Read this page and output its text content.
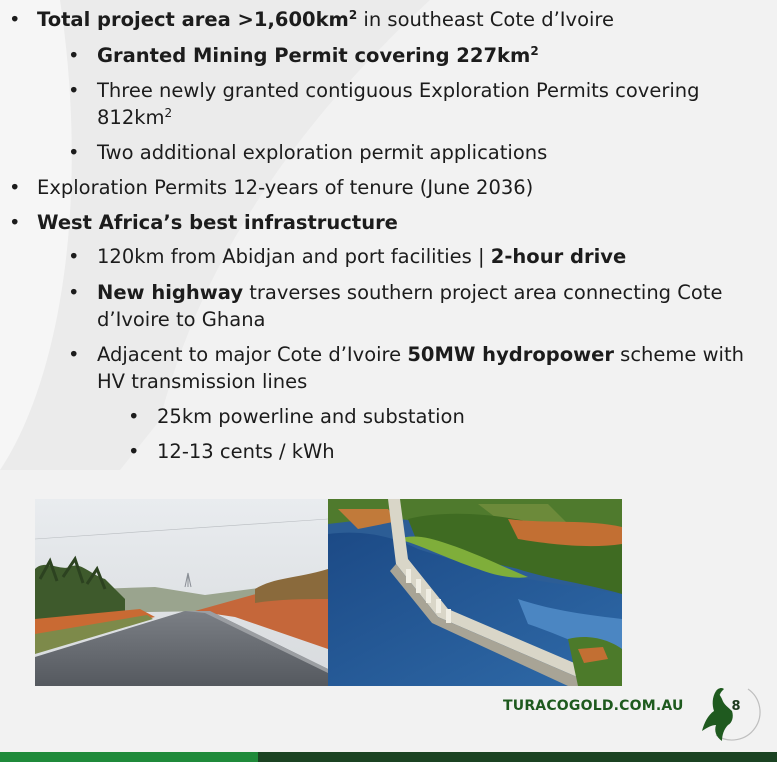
• Total project area $>1,600km^2$ in southeast Cote d’Ivoire
• Granted Mining Permit covering $227km^2$
• Three newly granted contiguous Exploration Permits covering
$812km^2$
• Two additional exploration permit applications
• Exploration Permits 12-years of tenure (June 2036)
• West Africa’s best infrastructure
• 120km from Abidjan and port facilities | 2-hour drive
• New highway traverses southern project area connecting Cote
d’Ivoire to Ghana
• Adjacent to major Cote d’Ivoire 50MW hydropower scheme with
HV transmission lines
• 25km powerline and substation
• 12-13 cents / kWh
TURACOGOLD.COM.AU	8
